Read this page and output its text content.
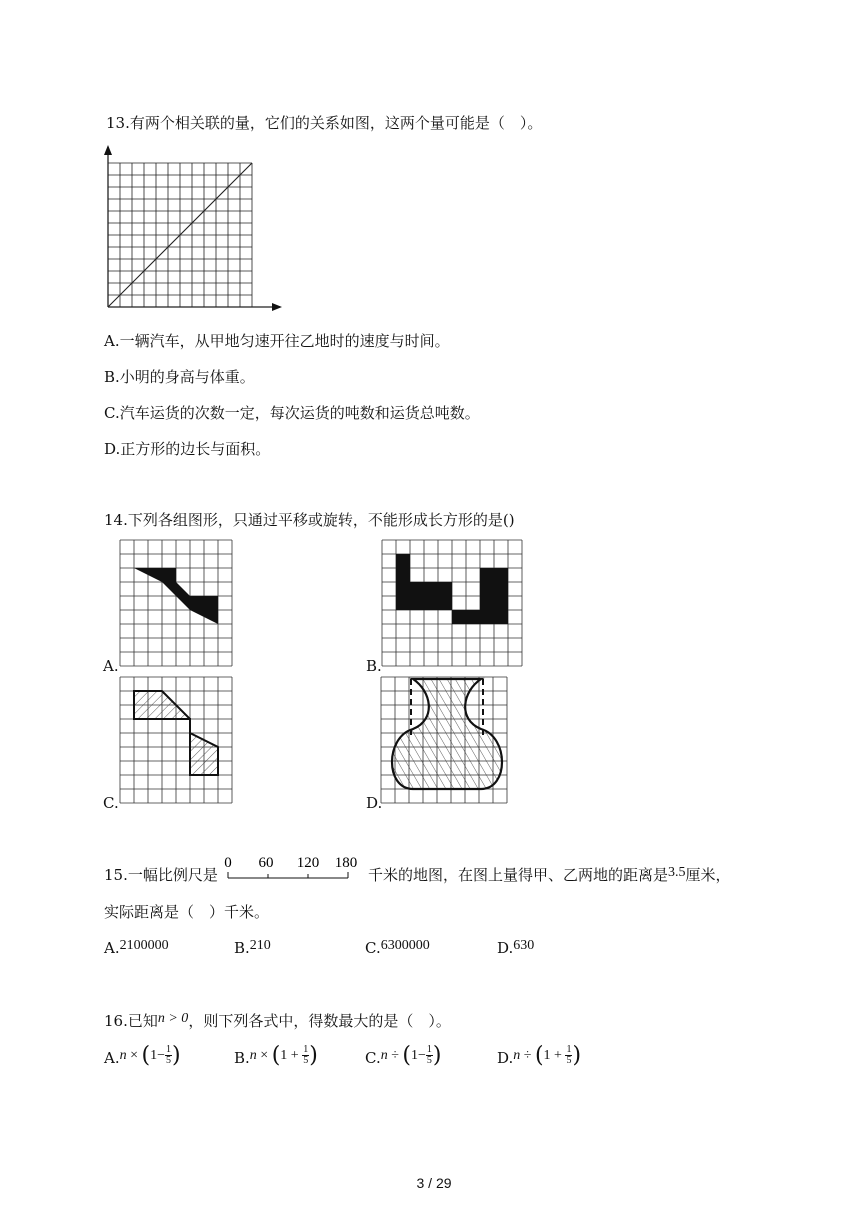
13.有两个相关联的量，它们的关系如图，这两个量可能是（　）。
A.一辆汽车，从甲地匀速开往乙地时的速度与时间。
B.小明的身高与体重。
C.汽车运货的次数一定，每次运货的吨数和运货总吨数。
D.正方形的边长与面积。
14.下列各组图形，只通过平移或旋转，不能形成长方形的是()
A.	B.
C.	D.
15.一幅比例尺是
0 60 120 180
千米的地图，在图上量得甲、乙两地的距离是3.5厘米，
实际距离是（　）千米。
A.2100000	B.210	C.6300000	D.630
16.已知n > 0，则下列各式中，得数最大的是（　）。
$A.n \times (1- \frac{1}{5}$ )	$B.n \times (1 + \frac{1}{5}$ )	$C.n \div (1- \frac{1}{5}$ )	$D.n \div (1 + \frac{1}{5}$ )
3 / 29
